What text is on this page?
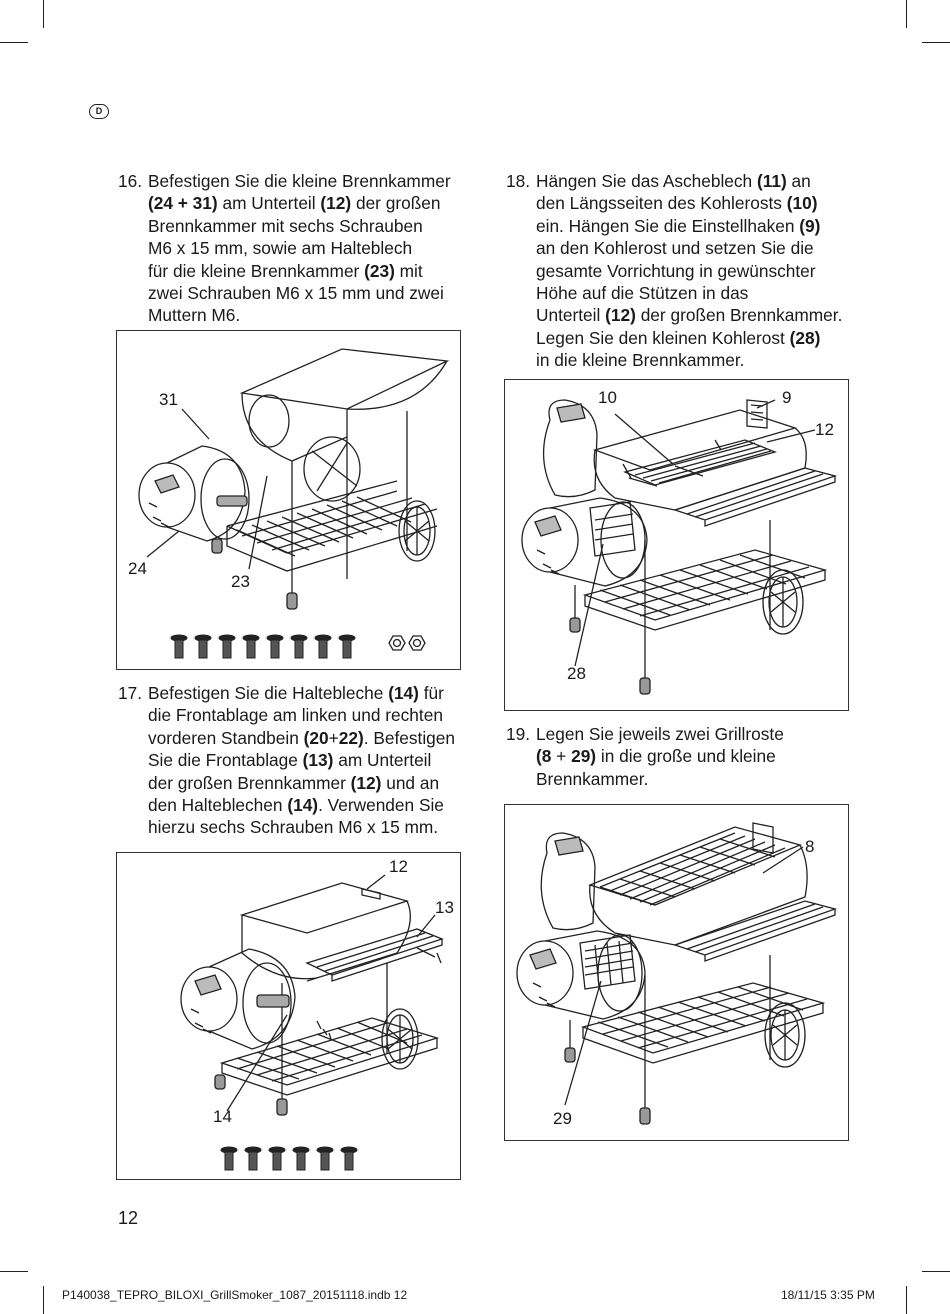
D
16. Befestigen Sie die kleine Brennkammer
(24 + 31) am Unterteil (12) der großen
Brennkammer mit sechs Schrauben
M6 x 15 mm, sowie am Halteblech
für die kleine Brennkammer (23) mit
zwei Schrauben M6 x 15 mm und zwei
Muttern M6.
31
24
23
17. Befestigen Sie die Haltebleche (14) für
die Frontablage am linken und rechten
vorderen Standbein (20+22). Befestigen
Sie die Frontablage (13) am Unterteil
der großen Brennkammer (12) und an
den Halteblechen (14). Verwenden Sie
hierzu sechs Schrauben M6 x 15 mm.
12
13
14
18. Hängen Sie das Ascheblech (11) an
den Längsseiten des Kohlerosts (10)
ein. Hängen Sie die Einstellhaken (9)
an den Kohlerost und setzen Sie die
gesamte Vorrichtung in gewünschter
Höhe auf die Stützen in das
Unterteil (12) der großen Brennkammer.
Legen Sie den kleinen Kohlerost (28)
in die kleine Brennkammer.
10	9
12
28
19. Legen Sie jeweils zwei Grillroste
(8 + 29) in die große und kleine
Brennkammer.
8
29
12
P140038_TEPRO_BILOXI_GrillSmoker_1087_20151118.indb 12	18/11/15 3:35 PM
